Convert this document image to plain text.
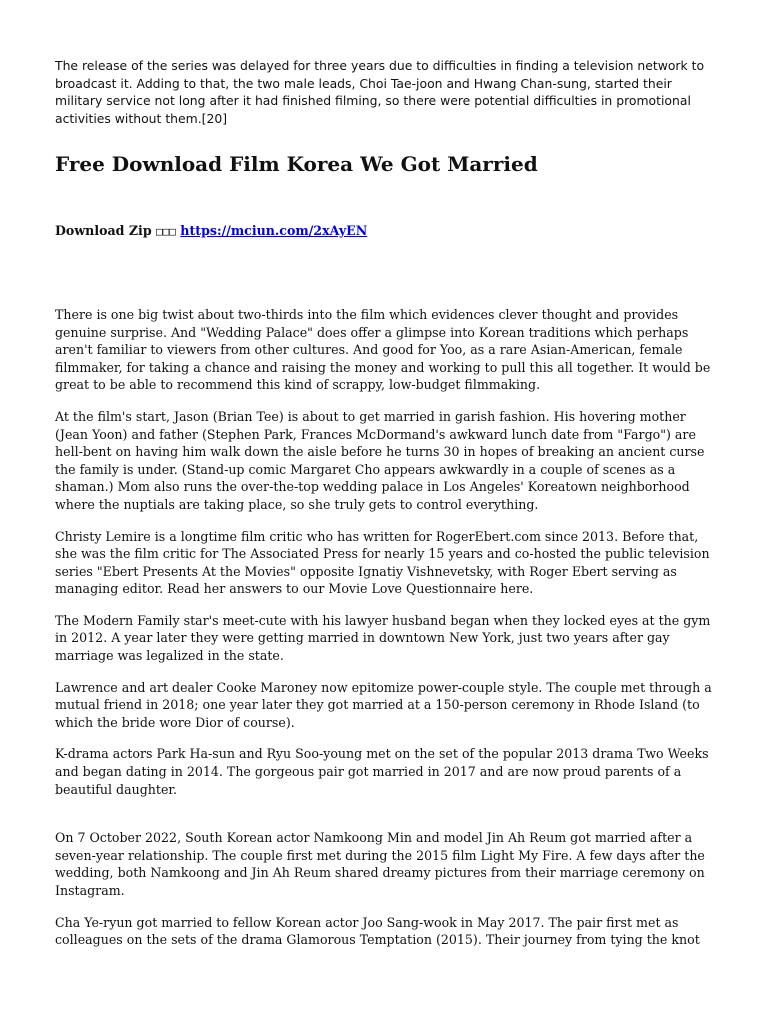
The release of the series was delayed for three years due to difficulties in finding a television network to broadcast it. Adding to that, the two male leads, Choi Tae-joon and Hwang Chan-sung, started their military service not long after it had finished filming, so there were potential difficulties in promotional activities without them.[20]

Free Download Film Korea We Got Married

Download Zip □□□ https://mciun.com/2xAyEN

There is one big twist about two-thirds into the film which evidences clever thought and provides genuine surprise. And "Wedding Palace" does offer a glimpse into Korean traditions which perhaps aren't familiar to viewers from other cultures. And good for Yoo, as a rare Asian-American, female filmmaker, for taking a chance and raising the money and working to pull this all together. It would be great to be able to recommend this kind of scrappy, low-budget filmmaking.

At the film's start, Jason (Brian Tee) is about to get married in garish fashion. His hovering mother (Jean Yoon) and father (Stephen Park, Frances McDormand's awkward lunch date from "Fargo") are hell-bent on having him walk down the aisle before he turns 30 in hopes of breaking an ancient curse the family is under. (Stand-up comic Margaret Cho appears awkwardly in a couple of scenes as a shaman.) Mom also runs the over-the-top wedding palace in Los Angeles' Koreatown neighborhood where the nuptials are taking place, so she truly gets to control everything.

Christy Lemire is a longtime film critic who has written for RogerEbert.com since 2013. Before that, she was the film critic for The Associated Press for nearly 15 years and co-hosted the public television series "Ebert Presents At the Movies" opposite Ignatiy Vishnevetsky, with Roger Ebert serving as managing editor. Read her answers to our Movie Love Questionnaire here.

The Modern Family star's meet-cute with his lawyer husband began when they locked eyes at the gym in 2012. A year later they were getting married in downtown New York, just two years after gay marriage was legalized in the state.

Lawrence and art dealer Cooke Maroney now epitomize power-couple style. The couple met through a mutual friend in 2018; one year later they got married at a 150-person ceremony in Rhode Island (to which the bride wore Dior of course).

K-drama actors Park Ha-sun and Ryu Soo-young met on the set of the popular 2013 drama Two Weeks and began dating in 2014. The gorgeous pair got married in 2017 and are now proud parents of a beautiful daughter.

On 7 October 2022, South Korean actor Namkoong Min and model Jin Ah Reum got married after a seven-year relationship. The couple first met during the 2015 film Light My Fire. A few days after the wedding, both Namkoong and Jin Ah Reum shared dreamy pictures from their marriage ceremony on Instagram.

Cha Ye-ryun got married to fellow Korean actor Joo Sang-wook in May 2017. The pair first met as colleagues on the sets of the drama Glamorous Temptation (2015). Their journey from tying the knot
